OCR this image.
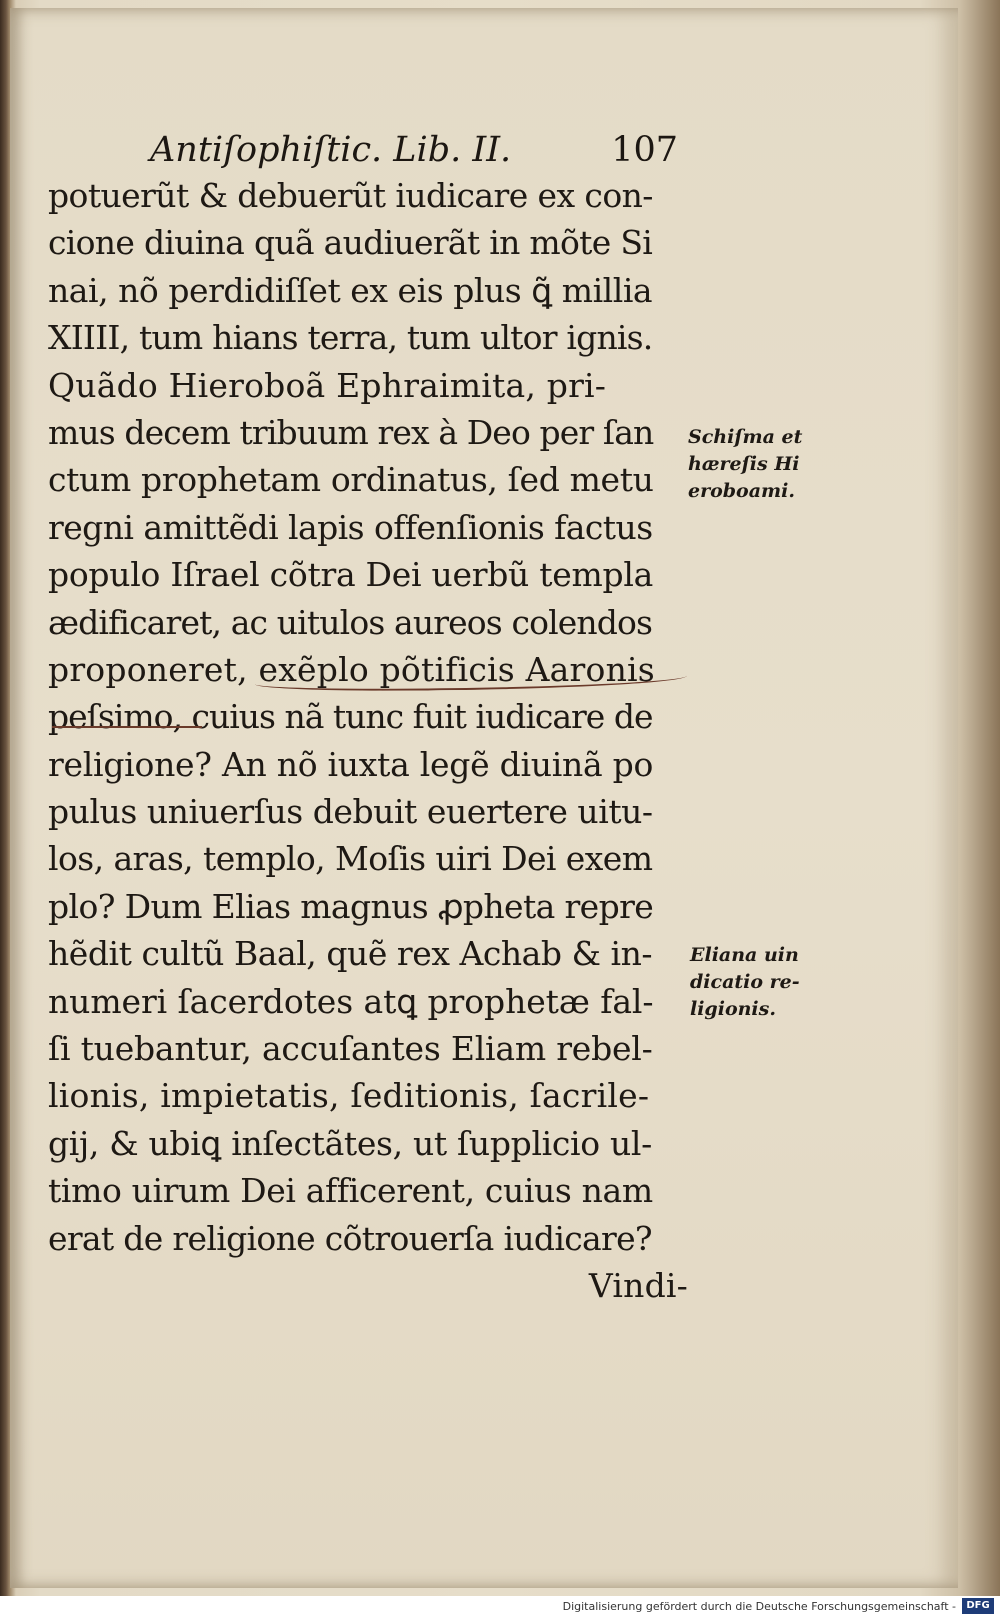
Antiſophiſtic. Lib. II.	107
potuerũt & debuerũt iudicare ex con-
cione diuina quã audiuerãt in mõte Si
nai, nõ perdidiſſet ex eis plus ꝗ̃ millia
XIIII, tum hians terra, tum ultor ignis.
Quãdo Hieroboã Ephraimita, pri-
mus decem tribuum rex à Deo per ſan
ctum prophetam ordinatus, ſed metu
regni amittẽdi lapis offenſionis factus
populo Iſrael cõtra Dei uerbũ templa
ædificaret, ac uitulos aureos colendos
proponeret, exẽplo põtificis Aaronis
peſsimo, cuius nã tunc fuit iudicare de
religione? An nõ iuxta legẽ diuinã po
pulus uniuerſus debuit euertere uitu-
los, aras, templo, Moſis uiri Dei exem
plo? Dum Elias magnus ꝓpheta repre
hẽdit cultũ Baal, quẽ rex Achab & in-
numeri ſacerdotes atꝗ prophetæ fal-
ſi tuebantur, accuſantes Eliam rebel-
lionis, impietatis, ſeditionis, ſacrile-
gij, & ubiꝗ inſectãtes, ut ſupplicio ul-
timo uirum Dei afficerent, cuius nam
erat de religione cõtrouerſa iudicare?
Vindi-
Schiſma et
hæreſis Hi
eroboami.
Eliana uin
dicatio re-
ligionis.
Digitalisierung gefördert durch die Deutsche Forschungsgemeinschaft -	DFG
